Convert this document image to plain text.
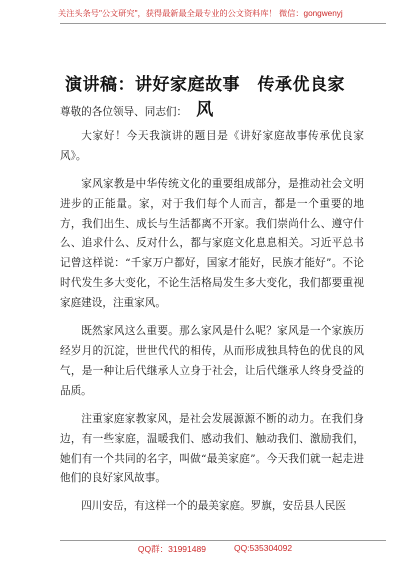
关注头条号"公文研究"，获得最新最全最专业的公文资料库！ 微信：gongwenyj
演讲稿：讲好家庭故事　传承优良家风

尊敬的各位领导、同志们：

大家好！今天我演讲的题目是《讲好家庭故事传承优良家风》。

家风家教是中华传统文化的重要组成部分，是推动社会文明进步的正能量。家，对于我们每个人而言，都是一个重要的地方，我们出生、成长与生活都离不开家。我们崇尚什么、遵守什么、追求什么、反对什么，都与家庭文化息息相关。习近平总书记曾这样说：“千家万户都好，国家才能好，民族才能好”。不论时代发生多大变化，不论生活格局发生多大变化，我们都要重视家庭建设，注重家风。

既然家风这么重要。那么家风是什么呢？家风是一个家族历经岁月的沉淀，世世代代的相传，从而形成独具特色的优良的风气，是一种让后代继承人立身于社会，让后代继承人终身受益的品质。

注重家庭家教家风，是社会发展源源不断的动力。在我们身边，有一些家庭，温暖我们、感动我们、触动我们、激励我们，她们有一个共同的名字，叫做“最美家庭”。今天我们就一起走进他们的良好家风故事。

四川安岳，有这样一个的最美家庭。罗旗，安岳县人民医

QQ群：31991489	QQ:535304092
